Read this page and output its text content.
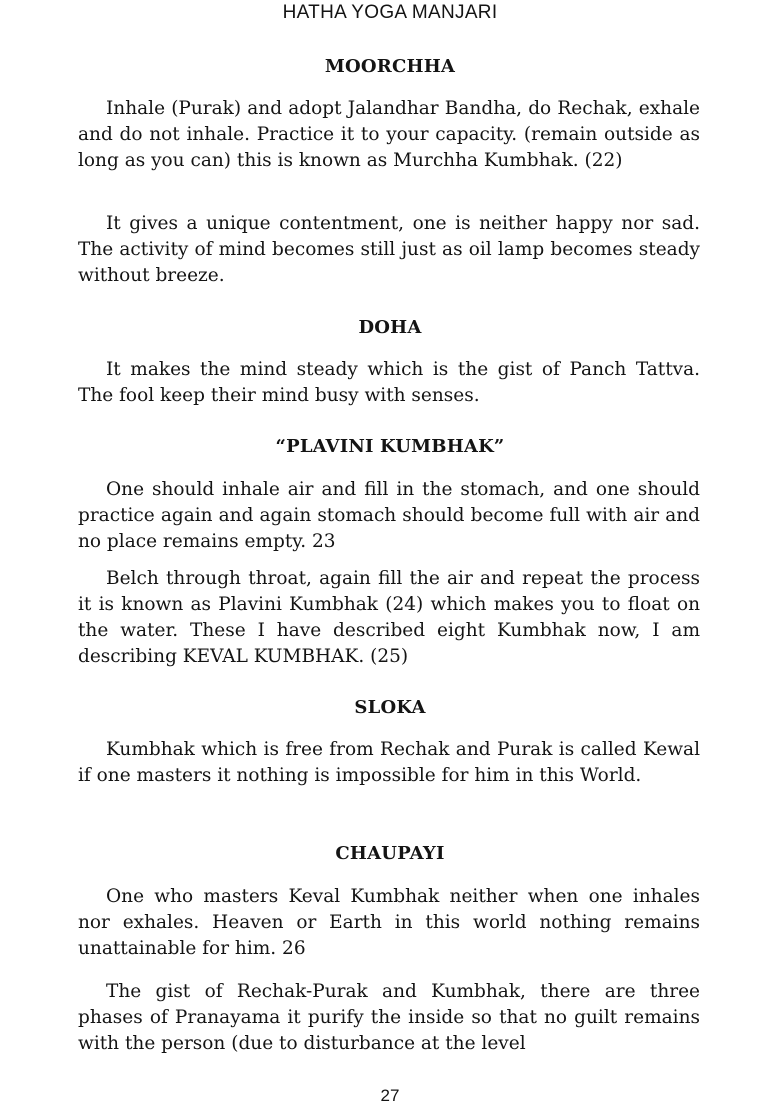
HATHA YOGA MANJARI
MOORCHHA

Inhale (Purak) and adopt Jalandhar Bandha, do Rechak, exhale and do not inhale. Practice it to your capacity. (remain outside as long as you can) this is known as Murchha Kumbhak. (22)

It gives a unique contentment, one is neither happy nor sad. The activity of mind becomes still just as oil lamp becomes steady without breeze.

DOHA

It makes the mind steady which is the gist of Panch Tattva. The fool keep their mind busy with senses.

“PLAVINI KUMBHAK”

One should inhale air and fill in the stomach, and one should practice again and again stomach should become full with air and no place remains empty. 23

Belch through throat, again fill the air and repeat the process it is known as Plavini Kumbhak (24) which makes you to float on the water. These I have described eight Kumbhak now, I am describing KEVAL KUMBHAK. (25)

SLOKA

Kumbhak which is free from Rechak and Purak is called Kewal if one masters it nothing is impossible for him in this World.

CHAUPAYI

One who masters Keval Kumbhak neither when one inhales nor exhales. Heaven or Earth in this world nothing remains unattainable for him. 26

The gist of Rechak-Purak and Kumbhak, there are three phases of Pranayama it purify the inside so that no guilt remains with the person (due to disturbance at the level

27
